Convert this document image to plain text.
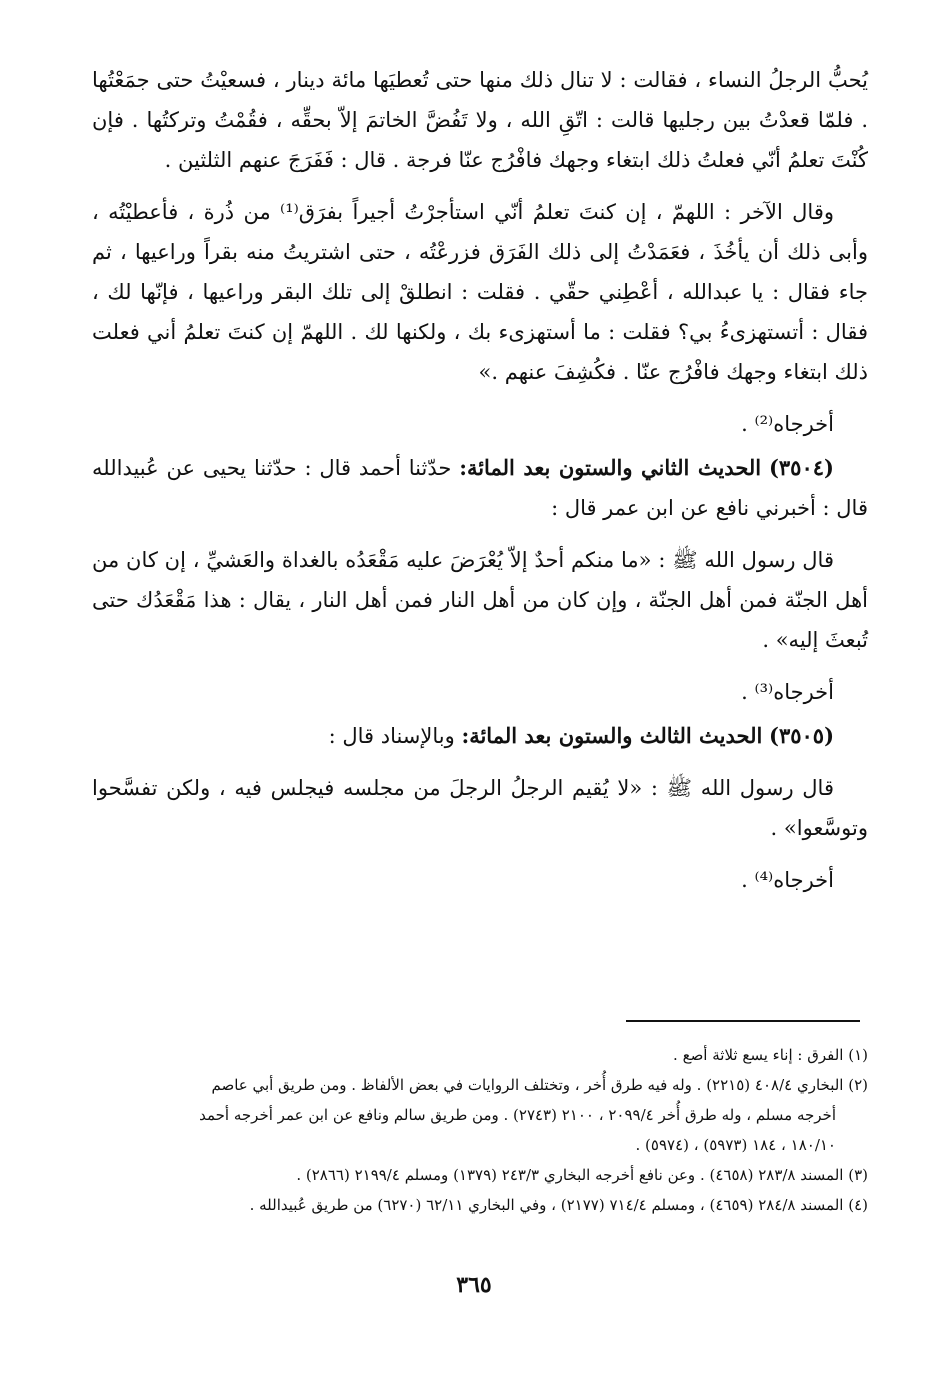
يُحبُّ الرجلُ النساء ، فقالت : لا تنال ذلك منها حتى تُعطيَها مائة دينار ، فسعيْتُ حتى جمَعْتُها . فلمّا قعدْتُ بين رجليها قالت : اتّقِ الله ، ولا تَفُضَّ الخاتمَ إلاّ بحقِّه ، فقُمْتُ وتركتُها . فإن كُنْتَ تعلمُ أنّي فعلتُ ذلك ابتغاء وجهك فافْرُج عنّا فرجة . قال : فَفَرَجَ عنهم الثلثين .

وقال الآخر : اللهمّ ، إن كنتَ تعلمُ أنّي استأجرْتُ أجيراً بفرَق⁽¹⁾ من ذُرة ، فأعطيْتُه ، وأبى ذلك أن يأخُذَ ، فعَمَدْتُ إلى ذلك الفَرَق فزرعْتُه ، حتى اشتريتُ منه بقراً وراعيها ، ثم جاء فقال : يا عبدالله ، أعْطِني حقّي . فقلت : انطلقْ إلى تلك البقر وراعيها ، فإنّها لك ، فقال : أتستهزىءُ بي؟ فقلت : ما أستهزىء بك ، ولكنها لك . اللهمّ إن كنتَ تعلمُ أني فعلت ذلك ابتغاء وجهك فافْرُج عنّا . فكُشِفَ عنهم .»

أخرجاه⁽²⁾ .

(٣٥٠٤) الحديث الثاني والستون بعد المائة: حدّثنا أحمد قال : حدّثنا يحيى عن عُبيدالله قال : أخبرني نافع عن ابن عمر قال :

قال رسول الله ﷺ : «ما منكم أحدٌ إلاّ يُعْرَضَ عليه مَقْعَدُه بالغداة والعَشيِّ ، إن كان من أهل الجنّة فمن أهل الجنّة ، وإن كان من أهل النار فمن أهل النار ، يقال : هذا مَقْعَدُك حتى تُبعثَ إليه» .

أخرجاه⁽³⁾ .

(٣٥٠٥) الحديث الثالث والستون بعد المائة: وبالإسناد قال :

قال رسول الله ﷺ : «لا يُقيم الرجلُ الرجلَ من مجلسه فيجلس فيه ، ولكن تفسَّحوا وتوسَّعوا» .

أخرجاه⁽⁴⁾ .

(١) الفرق : إناء يسع ثلاثة أصع .

(٢) البخاري ٤٠٨/٤ (٢٢١٥) . وله فيه طرق أُخر ، وتختلف الروايات في بعض الألفاظ . ومن طريق أبي عاصم

أخرجه مسلم ، وله طرق أُخر ٢٠٩٩/٤ ، ٢١٠٠ (٢٧٤٣) . ومن طريق سالم ونافع عن ابن عمر أخرجه أحمد

١٨٠/١٠ ، ١٨٤ (٥٩٧٣) ، (٥٩٧٤) .

(٣) المسند ٢٨٣/٨ (٤٦٥٨) . وعن نافع أخرجه البخاري ٢٤٣/٣ (١٣٧٩) ومسلم ٢١٩٩/٤ (٢٨٦٦) .

(٤) المسند ٢٨٤/٨ (٤٦٥٩) ، ومسلم ٧١٤/٤ (٢١٧٧) ، وفي البخاري ٦٢/١١ (٦٢٧٠) من طريق عُبيدالله .

٣٦٥
